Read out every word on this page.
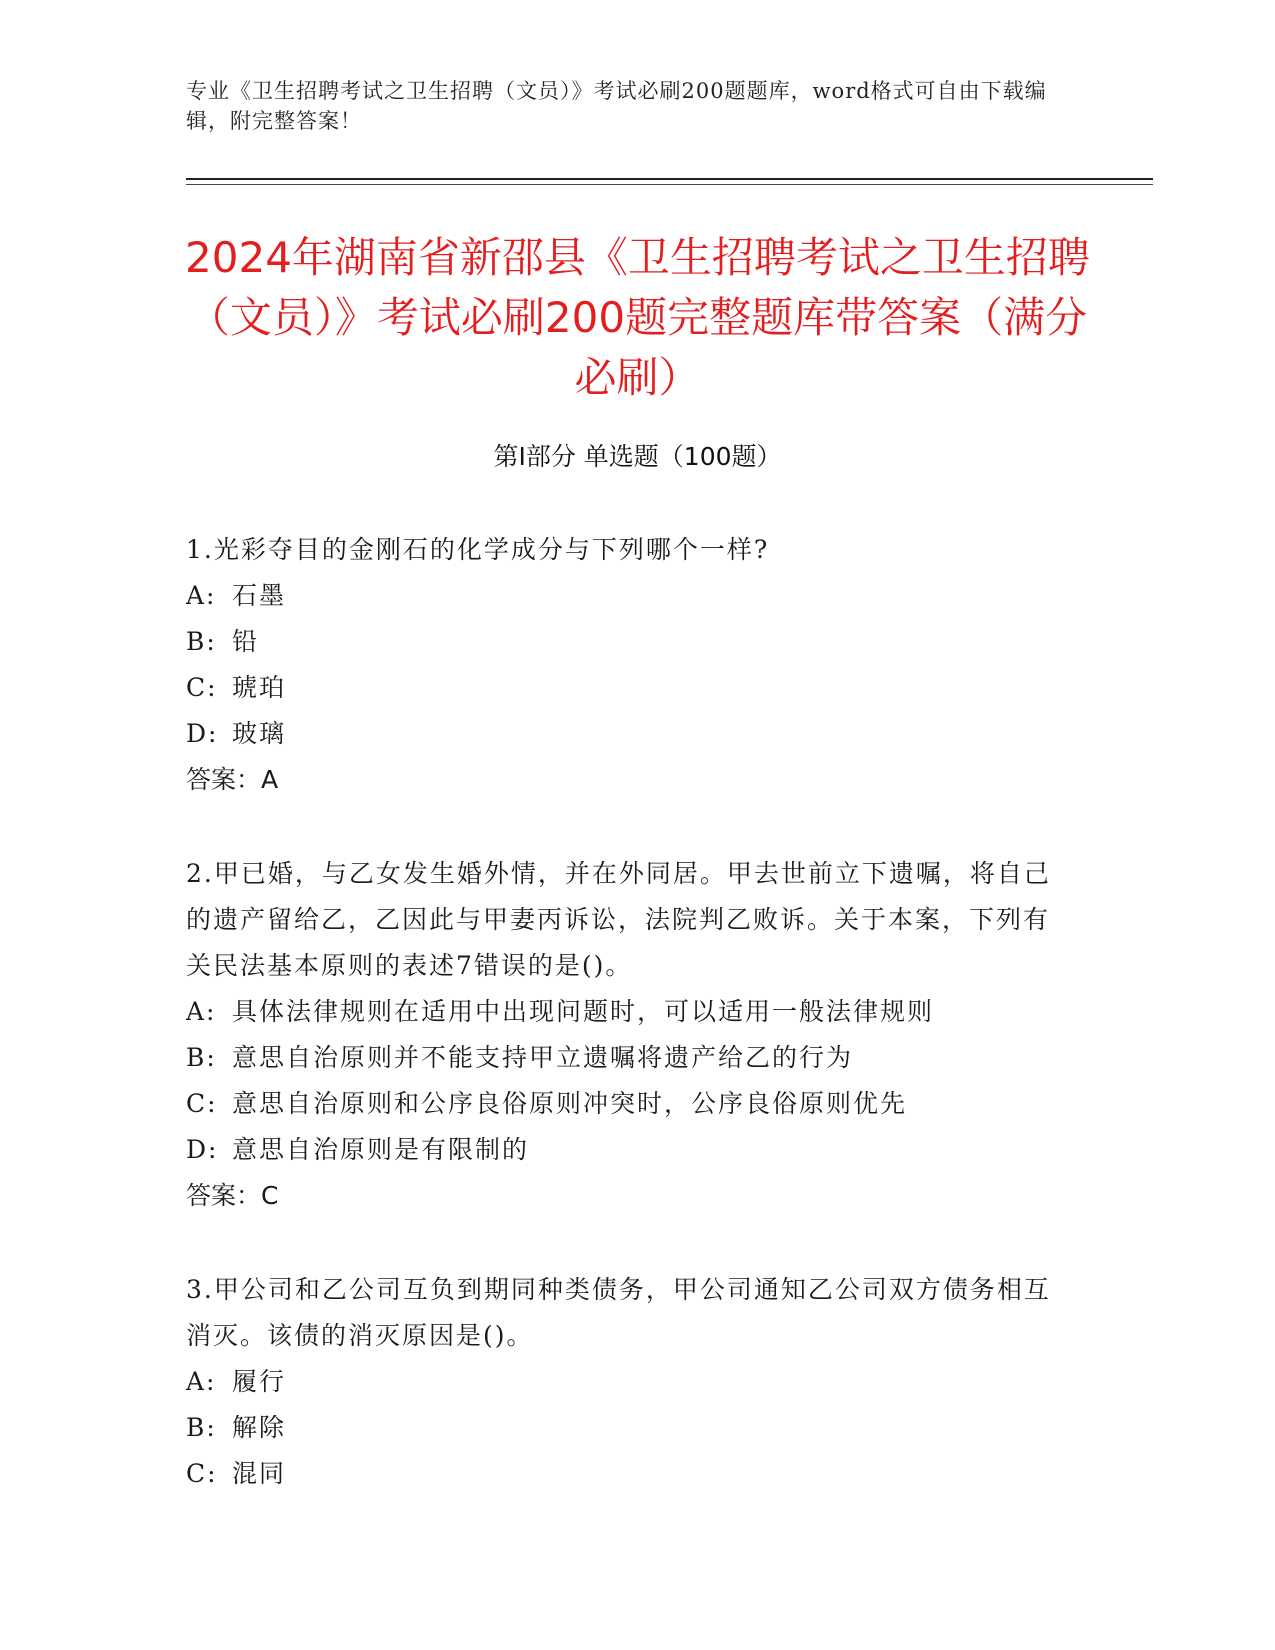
专业《卫生招聘考试之卫生招聘（文员）》考试必刷200题题库，word格式可自由下载编辑，附完整答案！
2024年湖南省新邵县《卫生招聘考试之卫生招聘（文员）》考试必刷200题完整题库带答案（满分必刷）
第I部分 单选题（100题）
1.光彩夺目的金刚石的化学成分与下列哪个一样?
A: 石墨
B: 铅
C: 琥珀
D: 玻璃
答案：A
2.甲已婚，与乙女发生婚外情，并在外同居。甲去世前立下遗嘱，将自己的遗产留给乙，乙因此与甲妻丙诉讼，法院判乙败诉。关于本案，下列有关民法基本原则的表述7错误的是()。
A: 具体法律规则在适用中出现问题时，可以适用一般法律规则
B: 意思自治原则并不能支持甲立遗嘱将遗产给乙的行为
C: 意思自治原则和公序良俗原则冲突时，公序良俗原则优先
D: 意思自治原则是有限制的
答案：C
3.甲公司和乙公司互负到期同种类债务，甲公司通知乙公司双方债务相互消灭。该债的消灭原因是()。
A: 履行
B: 解除
C: 混同
